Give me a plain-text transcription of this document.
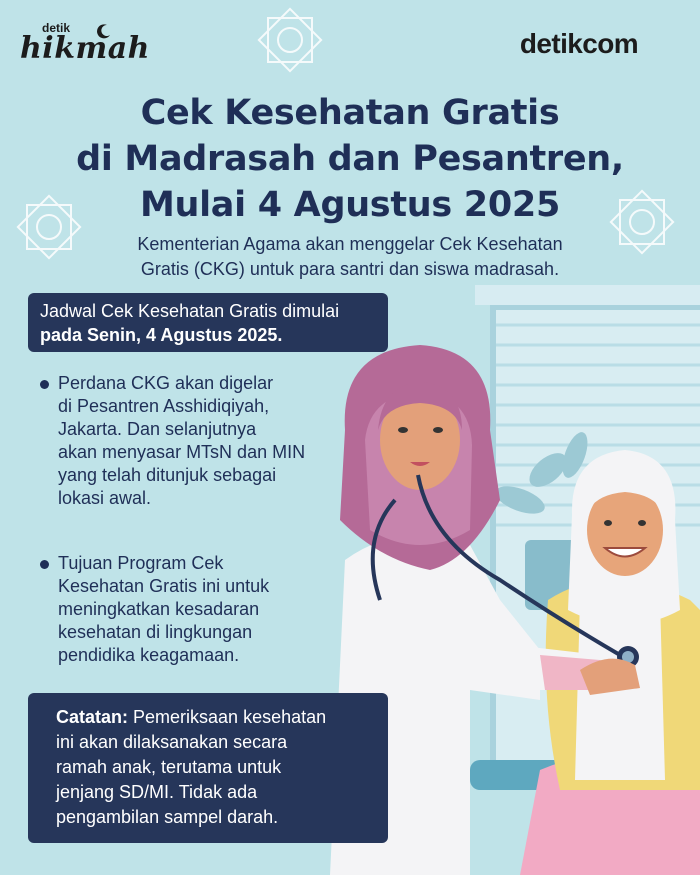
detik
hikmah	detikcom
Cek Kesehatan Gratis
di Madrasah dan Pesantren,
Mulai 4 Agustus 2025

Kementerian Agama akan menggelar Cek Kesehatan
Gratis (CKG) untuk para santri dan siswa madrasah.

Jadwal Cek Kesehatan Gratis dimulai
pada Senin, 4 Agustus 2025.
Perdana CKG akan digelar
di Pesantren Asshidiqiyah,
Jakarta. Dan selanjutnya
akan menyasar MTsN dan MIN
yang telah ditunjuk sebagai
lokasi awal.
Tujuan Program Cek
Kesehatan Gratis ini untuk
meningkatkan kesadaran
kesehatan di lingkungan
pendidika keagamaan.
Catatan: Pemeriksaan kesehatan
ini akan dilaksanakan secara
ramah anak, terutama untuk
jenjang SD/MI. Tidak ada
pengambilan sampel darah.
